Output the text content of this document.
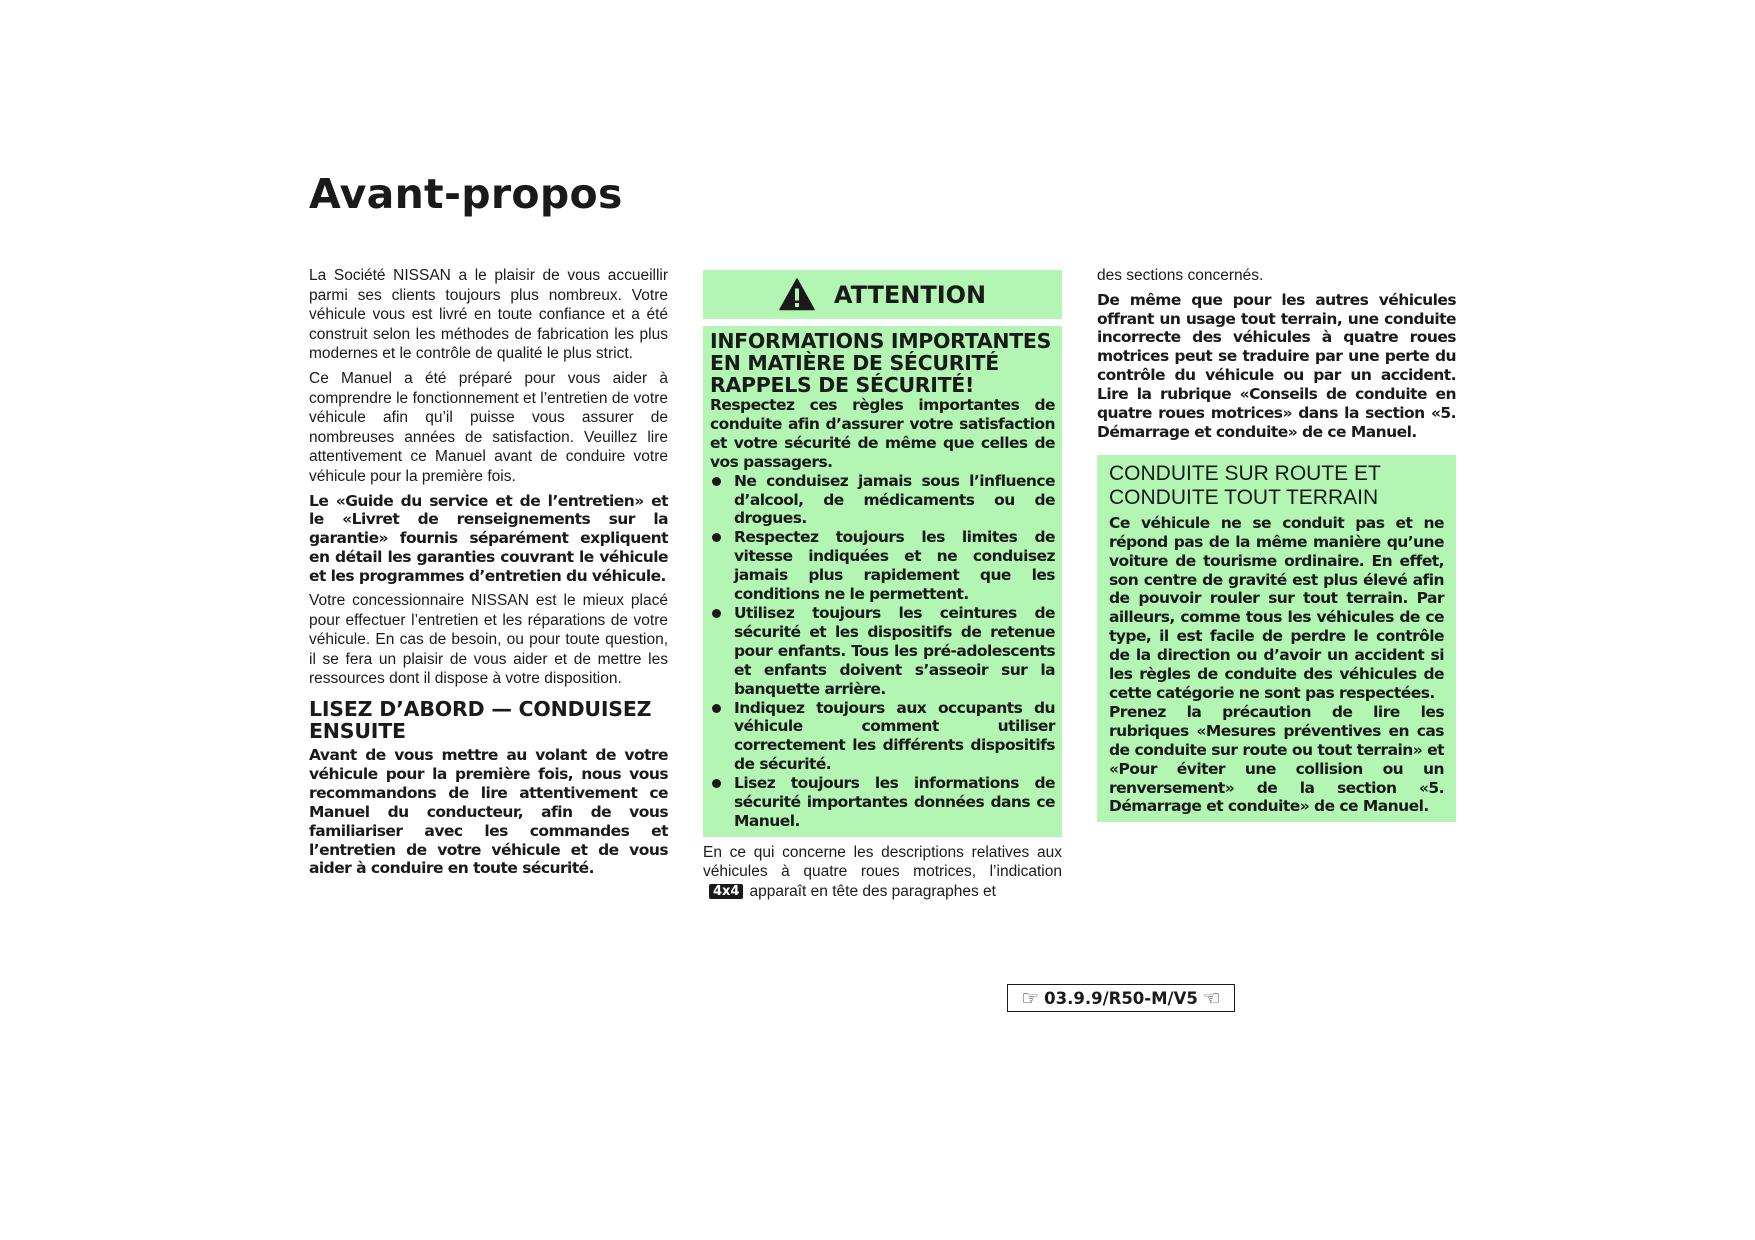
Avant-propos

La Société NISSAN a le plaisir de vous accueillir parmi ses clients toujours plus nombreux. Votre véhicule vous est livré en toute confiance et a été construit selon les méthodes de fabrication les plus modernes et le contrôle de qualité le plus strict.

Ce Manuel a été préparé pour vous aider à comprendre le fonctionnement et l’entretien de votre véhicule afin qu’il puisse vous assurer de nombreuses années de satisfaction. Veuillez lire attentivement ce Manuel avant de conduire votre véhicule pour la première fois.

Le «Guide du service et de l’entretien» et le «Livret de renseignements sur la garantie» fournis séparément expliquent en détail les garanties couvrant le véhicule et les programmes d’entretien du véhicule.

Votre concessionnaire NISSAN est le mieux placé pour effectuer l’entretien et les réparations de votre véhicule. En cas de besoin, ou pour toute question, il se fera un plaisir de vous aider et de mettre les ressources dont il dispose à votre disposition.

LISEZ D’ABORD — CONDUISEZ ENSUITE

Avant de vous mettre au volant de votre véhicule pour la première fois, nous vous recommandons de lire attentivement ce Manuel du conducteur, afin de vous familiariser avec les commandes et l’entretien de votre véhicule et de vous aider à conduire en toute sécurité.

ATTENTION
INFORMATIONS IMPORTANTES EN MATIÈRE DE SÉCURITÉ RAPPELS DE SÉCURITÉ!

Respectez ces règles importantes de conduite afin d’assurer votre satisfaction et votre sécurité de même que celles de vos passagers.

Ne conduisez jamais sous l’influence d’alcool, de médicaments ou de drogues.
Respectez toujours les limites de vitesse indiquées et ne conduisez jamais plus rapidement que les conditions ne le permettent.
Utilisez toujours les ceintures de sécurité et les dispositifs de retenue pour enfants. Tous les pré-adolescents et enfants doivent s’asseoir sur la banquette arrière.
Indiquez toujours aux occupants du véhicule comment utiliser correctement les différents dispositifs de sécurité.
Lisez toujours les informations de sécurité importantes données dans ce Manuel.

En ce qui concerne les descriptions relatives aux véhicules à quatre roues motrices, l’indication4x4 apparaît en tête des paragraphes et

des sections concernés.

De même que pour les autres véhicules offrant un usage tout terrain, une conduite incorrecte des véhicules à quatre roues motrices peut se traduire par une perte du contrôle du véhicule ou par un accident. Lire la rubrique «Conseils de conduite en quatre roues motrices» dans la section «5. Démarrage et conduite» de ce Manuel.

CONDUITE SUR ROUTE ET CONDUITE TOUT TERRAIN

Ce véhicule ne se conduit pas et ne répond pas de la même manière qu’une voiture de tourisme ordinaire. En effet, son centre de gravité est plus élevé afin de pouvoir rouler sur tout terrain. Par ailleurs, comme tous les véhicules de ce type, il est facile de perdre le contrôle de la direction ou d’avoir un accident si les règles de conduite des véhicules de cette catégorie ne sont pas respectées.

Prenez la précaution de lire les rubriques «Mesures préventives en cas de conduite sur route ou tout terrain» et «Pour éviter une collision ou un renversement» de la section «5. Démarrage et conduite» de ce Manuel.

☞ 03.9.9/R50-M/V5 ☜
